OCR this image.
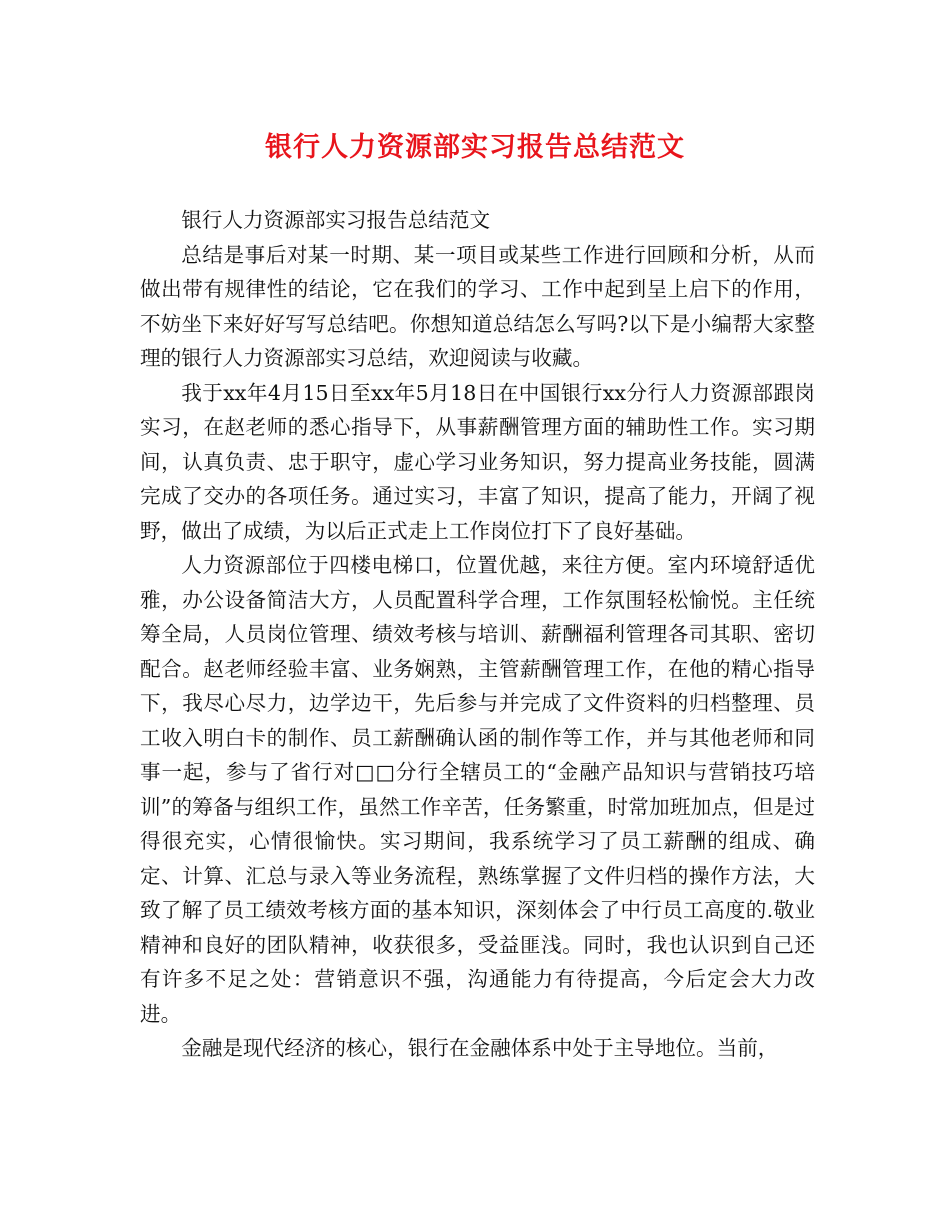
银行人力资源部实习报告总结范文

银行人力资源部实习报告总结范文

总结是事后对某一时期、某一项目或某些工作进行回顾和分析，从而做出带有规律性的结论，它在我们的学习、工作中起到呈上启下的作用，不妨坐下来好好写写总结吧。你想知道总结怎么写吗?以下是小编帮大家整理的银行人力资源部实习总结，欢迎阅读与收藏。

我于xx年4月15日至xx年5月18日在中国银行xx分行人力资源部跟岗实习，在赵老师的悉心指导下，从事薪酬管理方面的辅助性工作。实习期间，认真负责、忠于职守，虚心学习业务知识，努力提高业务技能，圆满完成了交办的各项任务。通过实习，丰富了知识，提高了能力，开阔了视野，做出了成绩，为以后正式走上工作岗位打下了良好基础。

人力资源部位于四楼电梯口，位置优越，来往方便。室内环境舒适优雅，办公设备简洁大方，人员配置科学合理，工作氛围轻松愉悦。主任统筹全局，人员岗位管理、绩效考核与培训、薪酬福利管理各司其职、密切配合。赵老师经验丰富、业务娴熟，主管薪酬管理工作，在他的精心指导下，我尽心尽力，边学边干，先后参与并完成了文件资料的归档整理、员工收入明白卡的制作、员工薪酬确认函的制作等工作，并与其他老师和同事一起，参与了省行对□□分行全辖员工的“金融产品知识与营销技巧培训”的筹备与组织工作，虽然工作辛苦，任务繁重，时常加班加点，但是过得很充实，心情很愉快。实习期间，我系统学习了员工薪酬的组成、确定、计算、汇总与录入等业务流程，熟练掌握了文件归档的操作方法，大致了解了员工绩效考核方面的基本知识，深刻体会了中行员工高度的.敬业精神和良好的团队精神，收获很多，受益匪浅。同时，我也认识到自己还有许多不足之处：营销意识不强，沟通能力有待提高，今后定会大力改进。

金融是现代经济的核心，银行在金融体系中处于主导地位。当前，
